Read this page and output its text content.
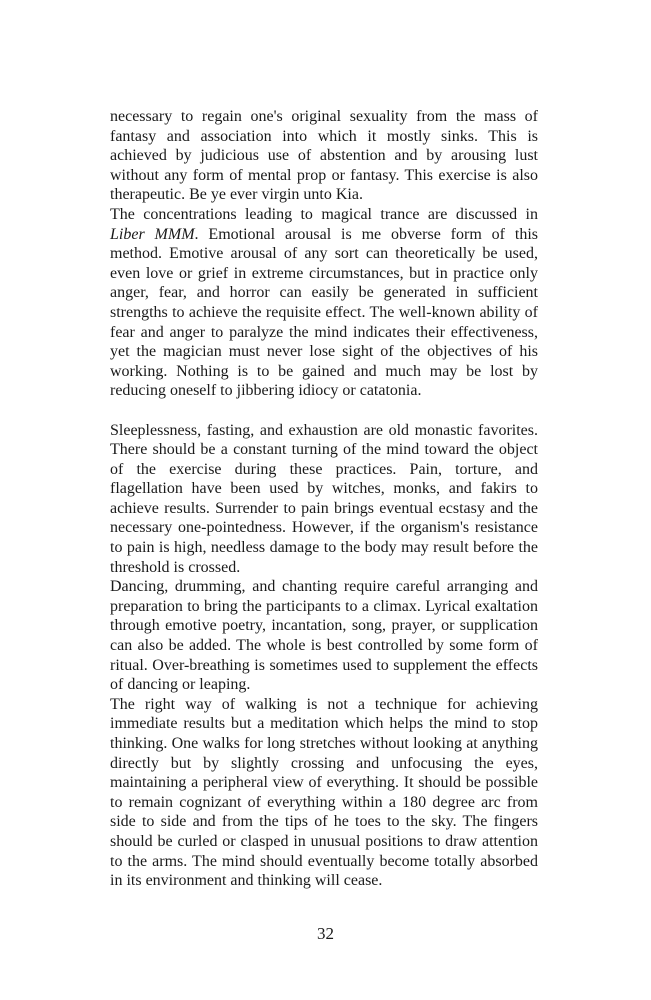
necessary to regain one's original sexuality from the mass of fantasy and association into which it mostly sinks. This is achieved by judicious use of abstention and by arousing lust without any form of mental prop or fantasy. This exercise is also therapeutic. Be ye ever virgin unto Kia.

The concentrations leading to magical trance are discussed in Liber MMM. Emotional arousal is me obverse form of this method. Emotive arousal of any sort can theoretically be used, even love or grief in extreme circumstances, but in practice only anger, fear, and horror can easily be generated in sufficient strengths to achieve the requisite effect. The well-known ability of fear and anger to paralyze the mind indicates their effectiveness, yet the magician must never lose sight of the objectives of his working. Nothing is to be gained and much may be lost by reducing oneself to jibbering idiocy or catatonia.

Sleeplessness, fasting, and exhaustion are old monastic favorites. There should be a constant turning of the mind toward the object of the exercise during these practices. Pain, torture, and flagellation have been used by witches, monks, and fakirs to achieve results. Surrender to pain brings eventual ecstasy and the necessary one-pointedness. However, if the organism's resistance to pain is high, needless damage to the body may result before the threshold is crossed.

Dancing, drumming, and chanting require careful arranging and preparation to bring the participants to a climax. Lyrical exaltation through emotive poetry, incantation, song, prayer, or supplication can also be added. The whole is best controlled by some form of ritual. Over-breathing is sometimes used to supplement the effects of dancing or leaping.

The right way of walking is not a technique for achieving immediate results but a meditation which helps the mind to stop thinking. One walks for long stretches without looking at anything directly but by slightly crossing and unfocusing the eyes, maintaining a peripheral view of everything. It should be possible to remain cognizant of everything within a 180 degree arc from side to side and from the tips of he toes to the sky. The fingers should be curled or clasped in unusual positions to draw attention to the arms. The mind should eventually become totally absorbed in its environment and thinking will cease.

32
